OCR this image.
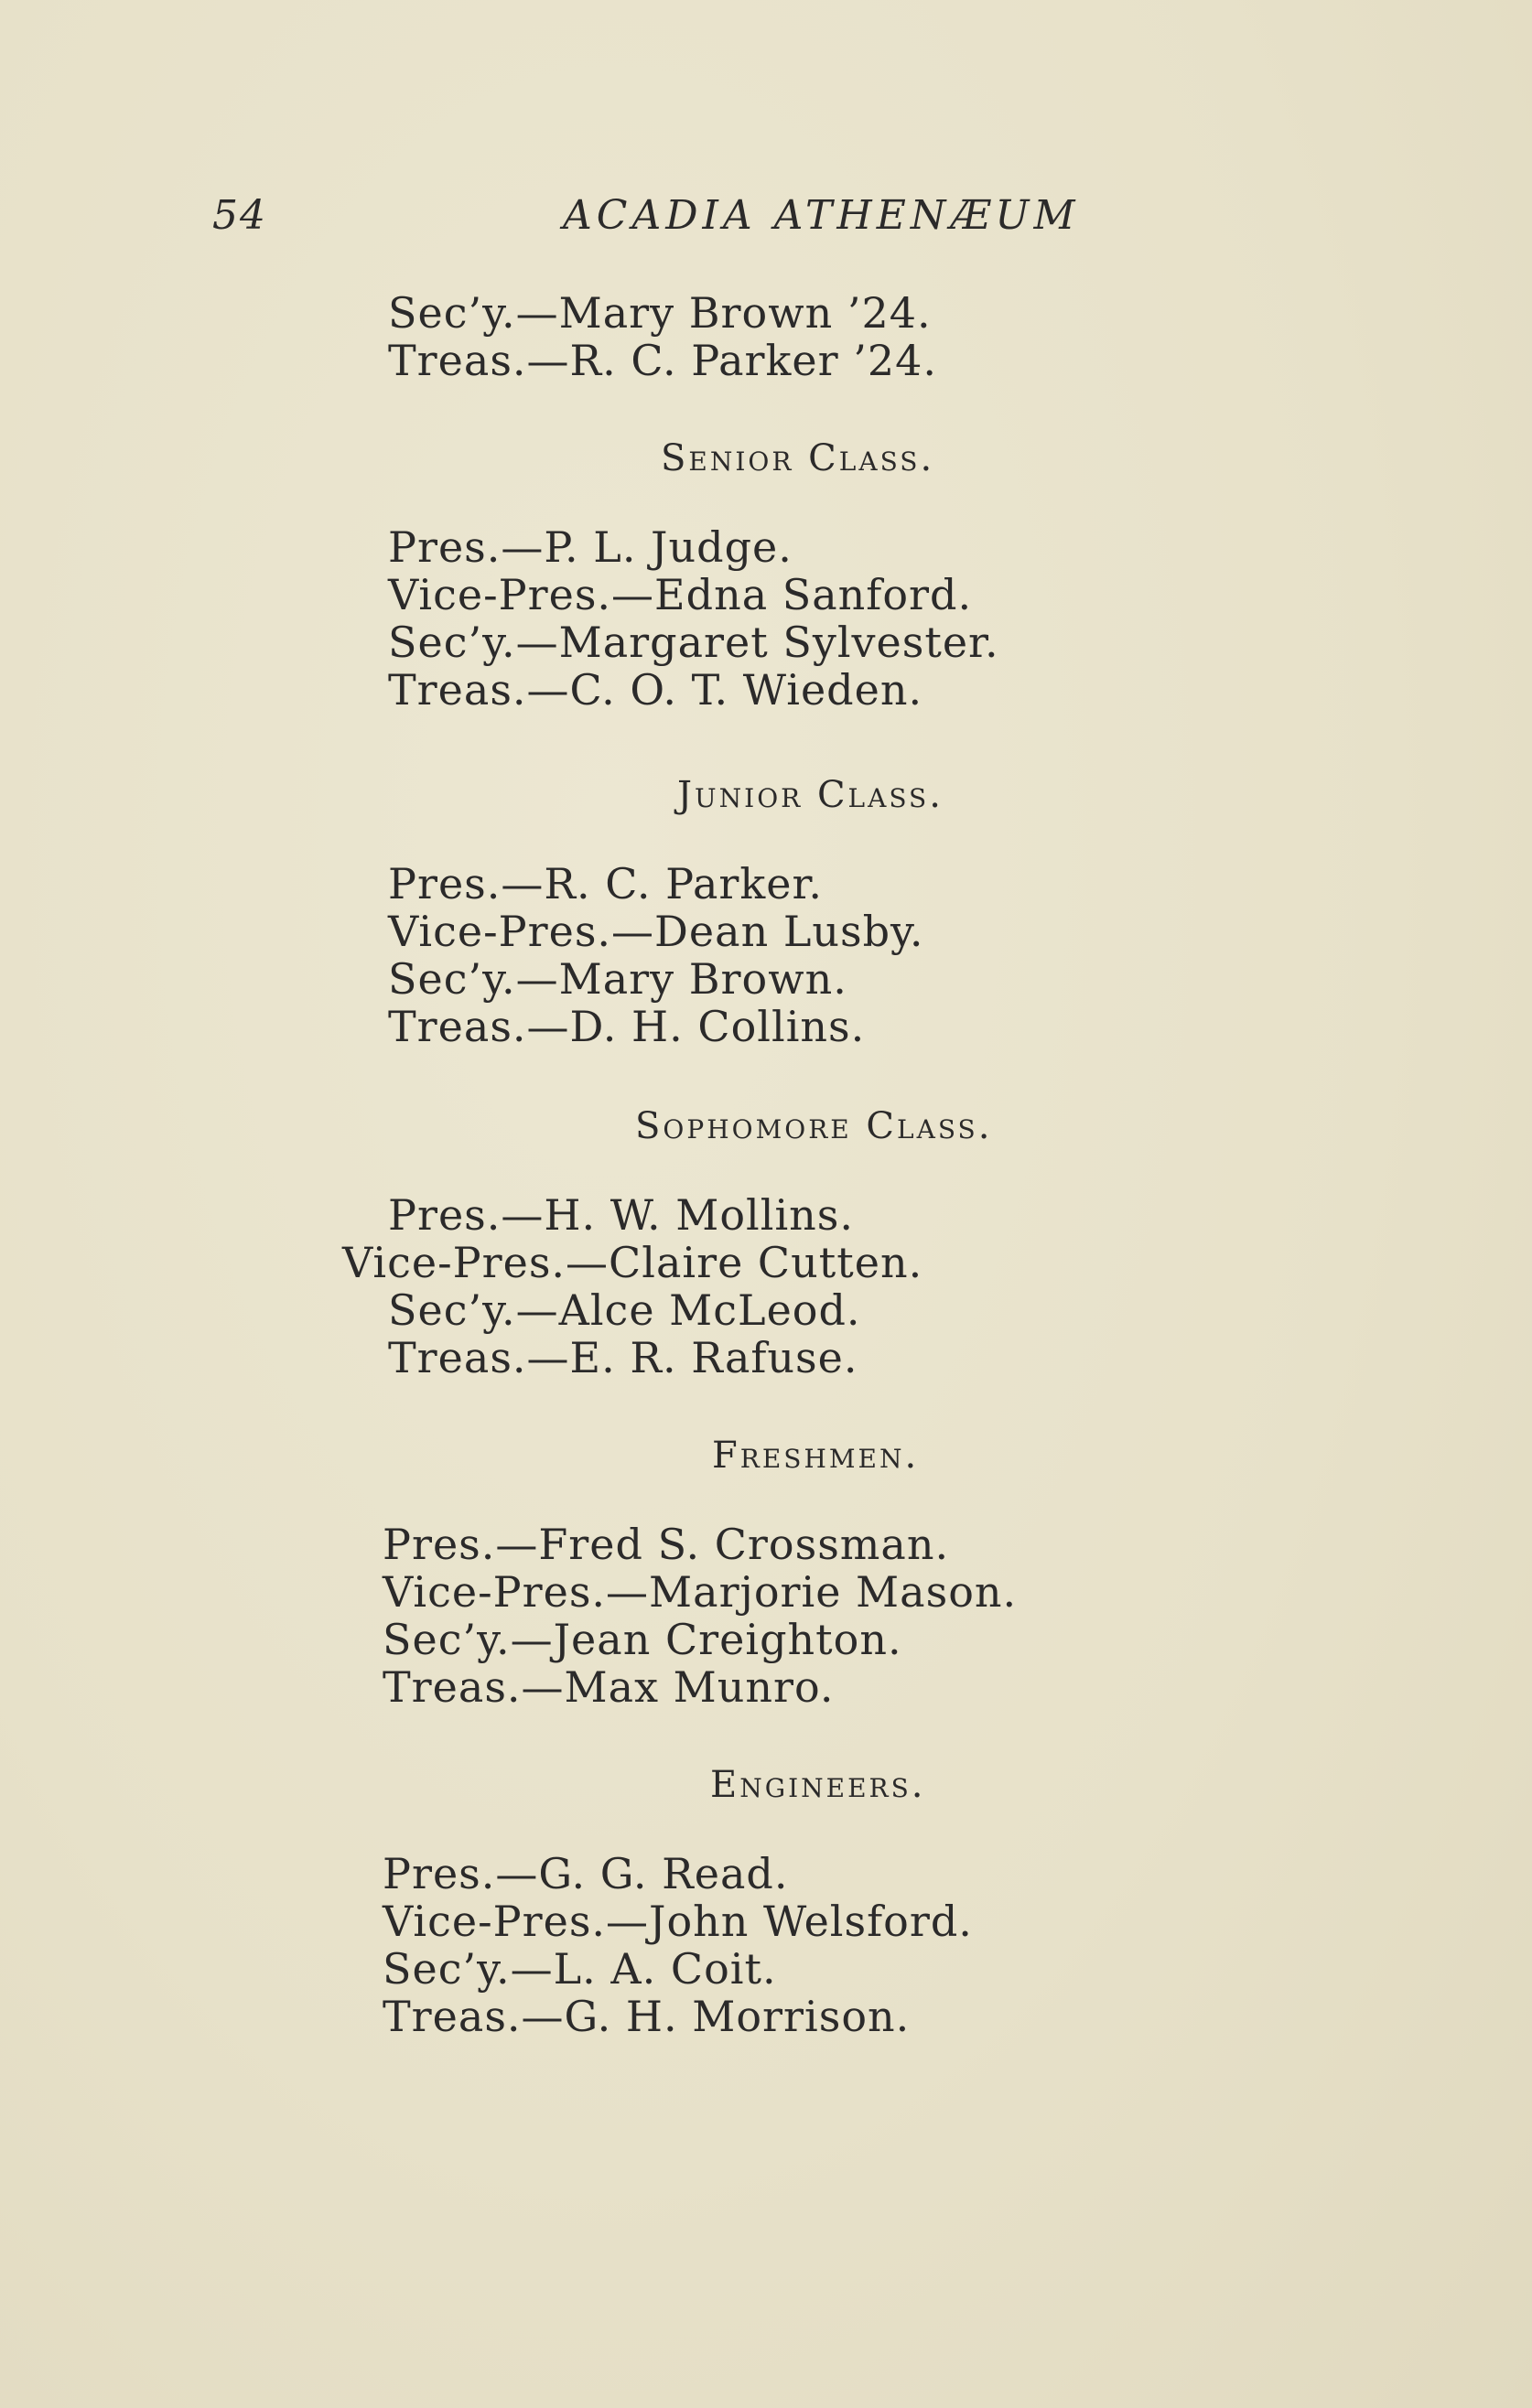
54	ACADIA ATHENÆUM
Sec’y.—Mary Brown ’24.
Treas.—R. C. Parker ’24.
Senior Class.
Pres.—P. L. Judge.
Vice-Pres.—Edna Sanford.
Sec’y.—Margaret Sylvester.
Treas.—C. O. T. Wieden.
Junior Class.
Pres.—R. C. Parker.
Vice-Pres.—Dean Lusby.
Sec’y.—Mary Brown.
Treas.—D. H. Collins.
Sophomore Class.
Pres.—H. W. Mollins.
Vice-Pres.—Claire Cutten.
Sec’y.—Alce McLeod.
Treas.—E. R. Rafuse.
Freshmen.
Pres.—Fred S. Crossman.
Vice-Pres.—Marjorie Mason.
Sec’y.—Jean Creighton.
Treas.—Max Munro.
Engineers.
Pres.—G. G. Read.
Vice-Pres.—John Welsford.
Sec’y.—L. A. Coit.
Treas.—G. H. Morrison.
